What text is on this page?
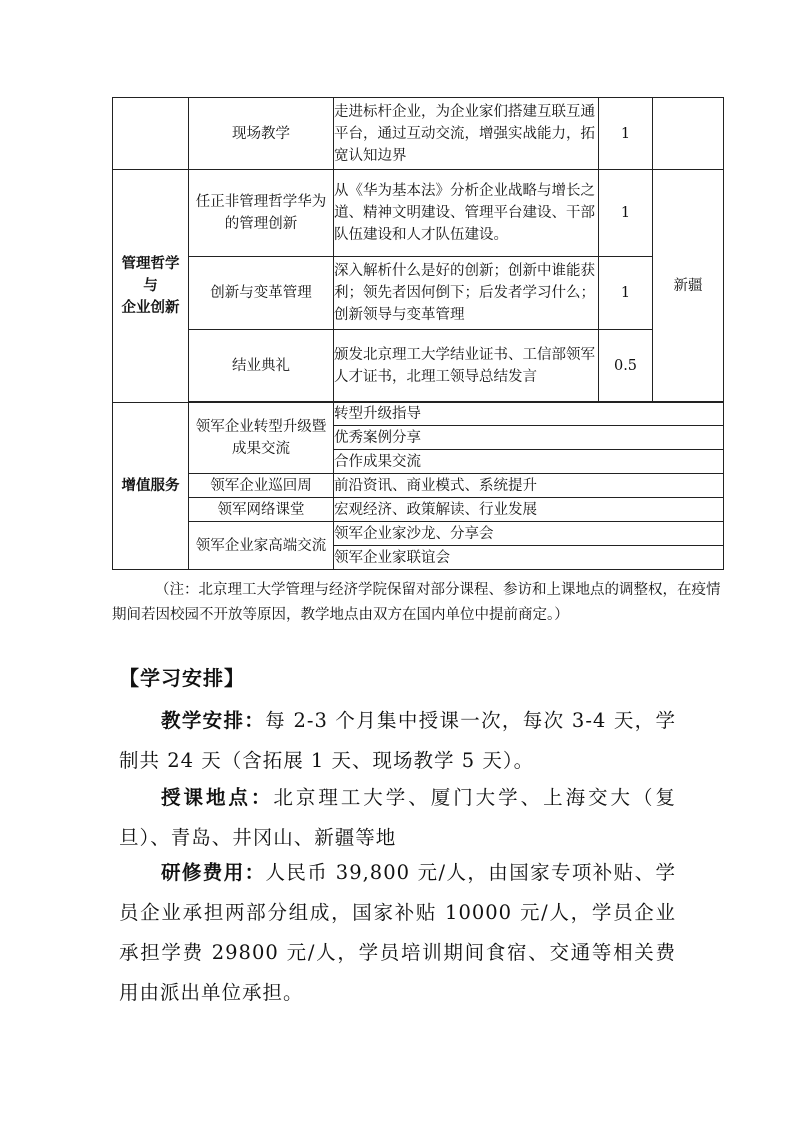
	现场教学	走进标杆企业，为企业家们搭建互联互通平台，通过互动交流，增强实战能力，拓宽认知边界	1	
管理哲学
与
企业创新	任正非管理哲学华为的管理创新	从《华为基本法》分析企业战略与增长之道、精神文明建设、管理平台建设、干部队伍建设和人才队伍建设。	1	新疆
	创新与变革管理	深入解析什么是好的创新；创新中谁能获利；领先者因何倒下；后发者学习什么；创新领导与变革管理	1	
	结业典礼	颁发北京理工大学结业证书、工信部领军人才证书，北理工领导总结发言	0.5	

增值服务	领军企业转型升级暨成果交流	转型升级指导		
		优秀案例分享		
		合作成果交流		
	领军企业巡回周	前沿资讯、商业模式、系统提升		
	领军网络课堂	宏观经济、政策解读、行业发展		
	领军企业家高端交流	领军企业家沙龙、分享会		
		领军企业家联谊会		

（注：北京理工大学管理与经济学院保留对部分课程、参访和上课地点的调整权，在疫情期间若因校园不开放等原因，教学地点由双方在国内单位中提前商定。）

【学习安排】

教学安排：每 2-3 个月集中授课一次，每次 3-4 天，学制共 24 天（含拓展 1 天、现场教学 5 天）。

授课地点：北京理工大学、厦门大学、上海交大（复旦）、青岛、井冈山、新疆等地

研修费用：人民币 39,800 元/人，由国家专项补贴、学员企业承担两部分组成，国家补贴 10000 元/人，学员企业承担学费 29800 元/人，学员培训期间食宿、交通等相关费用由派出单位承担。
